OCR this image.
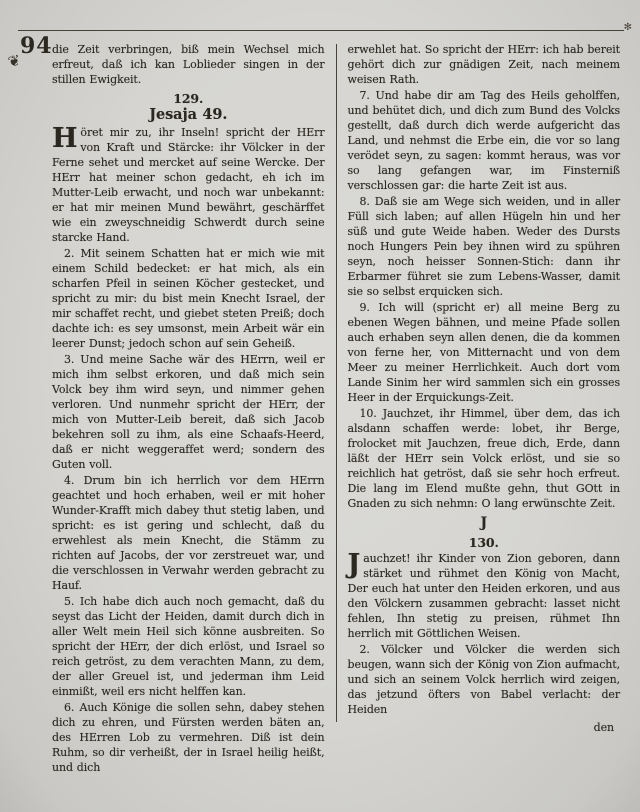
94
❦
✻

die Zeit verbringen, biß mein Wechsel mich erfreut, daß ich kan Loblieder singen in der stillen Ewigkeit.

129.

Jesaja 49.

Höret mir zu, ihr Inseln! spricht der HErr von Kraft und Stärcke: ihr Völcker in der Ferne sehet und mercket auf seine Wercke. Der HErr hat meiner schon gedacht, eh ich im Mutter-Leib erwacht, und noch war unbekannt: er hat mir meinen Mund bewährt, geschärffet wie ein zweyschneidig Schwerdt durch seine starcke Hand.

2. Mit seinem Schatten hat er mich wie mit einem Schild bedecket: er hat mich, als ein scharfen Pfeil in seinen Köcher gestecket, und spricht zu mir: du bist mein Knecht Israel, der mir schaffet recht, und giebet steten Preiß; doch dachte ich: es sey umsonst, mein Arbeit wär ein leerer Dunst; jedoch schon auf sein Geheiß.

3. Und meine Sache wär des HErrn, weil er mich ihm selbst erkoren, und daß mich sein Volck bey ihm wird seyn, und nimmer gehen verloren. Und nunmehr spricht der HErr, der mich von Mutter-Leib bereit, daß sich Jacob bekehren soll zu ihm, als eine Schaafs-Heerd, daß er nicht weggeraffet werd; sondern des Guten voll.

4. Drum bin ich herrlich vor dem HErrn geachtet und hoch erhaben, weil er mit hoher Wunder-Krafft mich dabey thut stetig laben, und spricht: es ist gering und schlecht, daß du erwehlest als mein Knecht, die Stämm zu richten auf Jacobs, der vor zerstreuet war, und die verschlossen in Verwahr werden gebracht zu Hauf.

5. Ich habe dich auch noch gemacht, daß du seyst das Licht der Heiden, damit durch dich in aller Welt mein Heil sich könne ausbreiten. So spricht der HErr, der dich erlöst, und Israel so reich getröst, zu dem verachten Mann, zu dem, der aller Greuel ist, und jederman ihm Leid einmißt, weil ers nicht helffen kan.

6. Auch Könige die sollen sehn, dabey stehen dich zu ehren, und Fürsten werden bäten an, des HErren Lob zu vermehren. Diß ist dein Ruhm, so dir verheißt, der in Israel heilig heißt, und dich

erwehlet hat. So spricht der HErr: ich hab bereit gehört dich zur gnädigen Zeit, nach meinem weisen Rath.

7. Und habe dir am Tag des Heils geholffen, und behütet dich, und dich zum Bund des Volcks gestellt, daß durch dich werde aufgericht das Land, und nehmst die Erbe ein, die vor so lang verödet seyn, zu sagen: kommt heraus, was vor so lang gefangen war, im Finsterniß verschlossen gar: die harte Zeit ist aus.

8. Daß sie am Wege sich weiden, und in aller Füll sich laben; auf allen Hügeln hin und her süß und gute Weide haben. Weder des Dursts noch Hungers Pein bey ihnen wird zu spühren seyn, noch heisser Sonnen-Stich: dann ihr Erbarmer führet sie zum Lebens-Wasser, damit sie so selbst erquicken sich.

9. Ich will (spricht er) all meine Berg zu ebenen Wegen bähnen, und meine Pfade sollen auch erhaben seyn allen denen, die da kommen von ferne her, von Mitternacht und von dem Meer zu meiner Herrlichkeit. Auch dort vom Lande Sinim her wird sammlen sich ein grosses Heer in der Erquickungs-Zeit.

10. Jauchzet, ihr Himmel, über dem, das ich alsdann schaffen werde: lobet, ihr Berge, frolocket mit Jauchzen, freue dich, Erde, dann läßt der HErr sein Volck erlöst, und sie so reichlich hat getröst, daß sie sehr hoch erfreut. Die lang im Elend mußte gehn, thut GOtt in Gnaden zu sich nehmn: O lang erwünschte Zeit.

J

130.

Jauchzet! ihr Kinder von Zion geboren, dann stärket und rühmet den König von Macht, Der euch hat unter den Heiden erkoren, und aus den Völckern zusammen gebracht: lasset nicht fehlen, Ihn stetig zu preisen, rühmet Ihn herrlich mit Göttlichen Weisen.

2. Völcker und Völcker die werden sich beugen, wann sich der König von Zion aufmacht, und sich an seinem Volck herrlich wird zeigen, das jetzund öfters von Babel verlacht: der Heiden

den
